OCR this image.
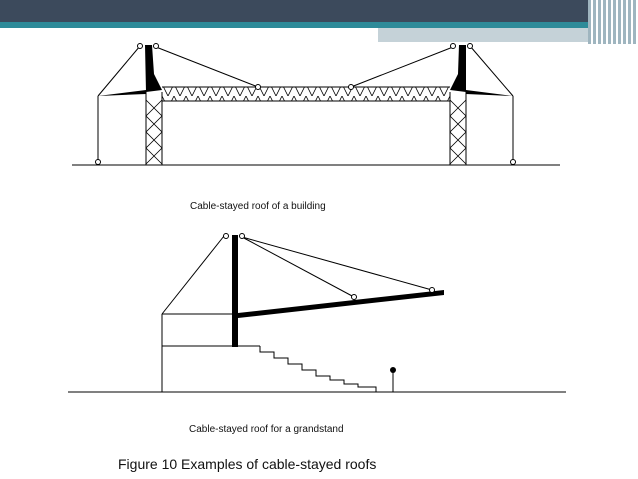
Cable-stayed roof of a building
Cable-stayed roof for a grandstand
Figure 10 Examples of cable-stayed roofs
